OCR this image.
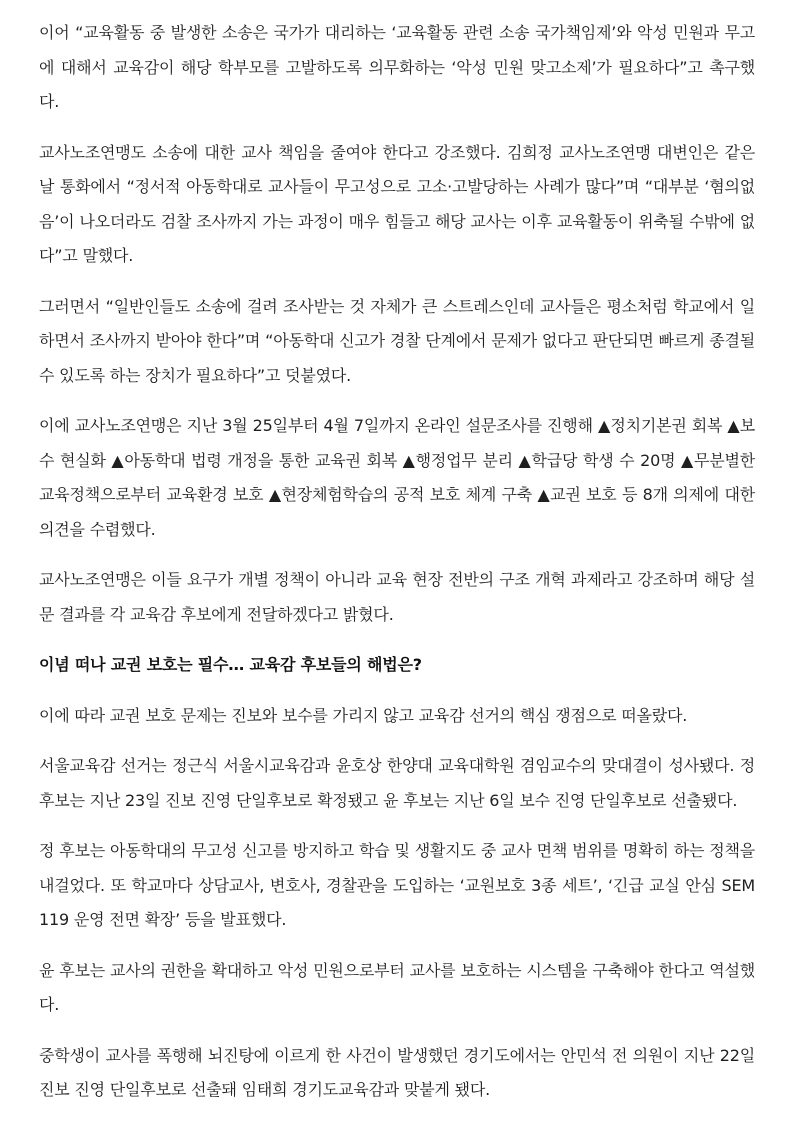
이어 “교육활동 중 발생한 소송은 국가가 대리하는 ‘교육활동 관련 소송 국가책임제’와 악성 민원과 무고에 대해서 교육감이 해당 학부모를 고발하도록 의무화하는 ‘악성 민원 맞고소제’가 필요하다”고 촉구했다.

교사노조연맹도 소송에 대한 교사 책임을 줄여야 한다고 강조했다. 김희정 교사노조연맹 대변인은 같은 날 통화에서 “정서적 아동학대로 교사들이 무고성으로 고소·고발당하는 사례가 많다”며 “대부분 ‘혐의없음’이 나오더라도 검찰 조사까지 가는 과정이 매우 힘들고 해당 교사는 이후 교육활동이 위축될 수밖에 없다”고 말했다.

그러면서 “일반인들도 소송에 걸려 조사받는 것 자체가 큰 스트레스인데 교사들은 평소처럼 학교에서 일하면서 조사까지 받아야 한다”며 “아동학대 신고가 경찰 단계에서 문제가 없다고 판단되면 빠르게 종결될 수 있도록 하는 장치가 필요하다”고 덧붙였다.

이에 교사노조연맹은 지난 3월 25일부터 4월 7일까지 온라인 설문조사를 진행해 ▲정치기본권 회복 ▲보수 현실화 ▲아동학대 법령 개정을 통한 교육권 회복 ▲행정업무 분리 ▲학급당 학생 수 20명 ▲무분별한 교육정책으로부터 교육환경 보호 ▲현장체험학습의 공적 보호 체계 구축 ▲교권 보호 등 8개 의제에 대한 의견을 수렴했다.

교사노조연맹은 이들 요구가 개별 정책이 아니라 교육 현장 전반의 구조 개혁 과제라고 강조하며 해당 설문 결과를 각 교육감 후보에게 전달하겠다고 밝혔다.

이념 떠나 교권 보호는 필수… 교육감 후보들의 해법은?

이에 따라 교권 보호 문제는 진보와 보수를 가리지 않고 교육감 선거의 핵심 쟁점으로 떠올랐다.

서울교육감 선거는 정근식 서울시교육감과 윤호상 한양대 교육대학원 겸임교수의 맞대결이 성사됐다. 정 후보는 지난 23일 진보 진영 단일후보로 확정됐고 윤 후보는 지난 6일 보수 진영 단일후보로 선출됐다.

정 후보는 아동학대의 무고성 신고를 방지하고 학습 및 생활지도 중 교사 면책 범위를 명확히 하는 정책을 내걸었다. 또 학교마다 상담교사, 변호사, 경찰관을 도입하는 ‘교원보호 3종 세트’, ‘긴급 교실 안심 SEM 119 운영 전면 확장’ 등을 발표했다.

윤 후보는 교사의 권한을 확대하고 악성 민원으로부터 교사를 보호하는 시스템을 구축해야 한다고 역설했다.

중학생이 교사를 폭행해 뇌진탕에 이르게 한 사건이 발생했던 경기도에서는 안민석 전 의원이 지난 22일 진보 진영 단일후보로 선출돼 임태희 경기도교육감과 맞붙게 됐다.
